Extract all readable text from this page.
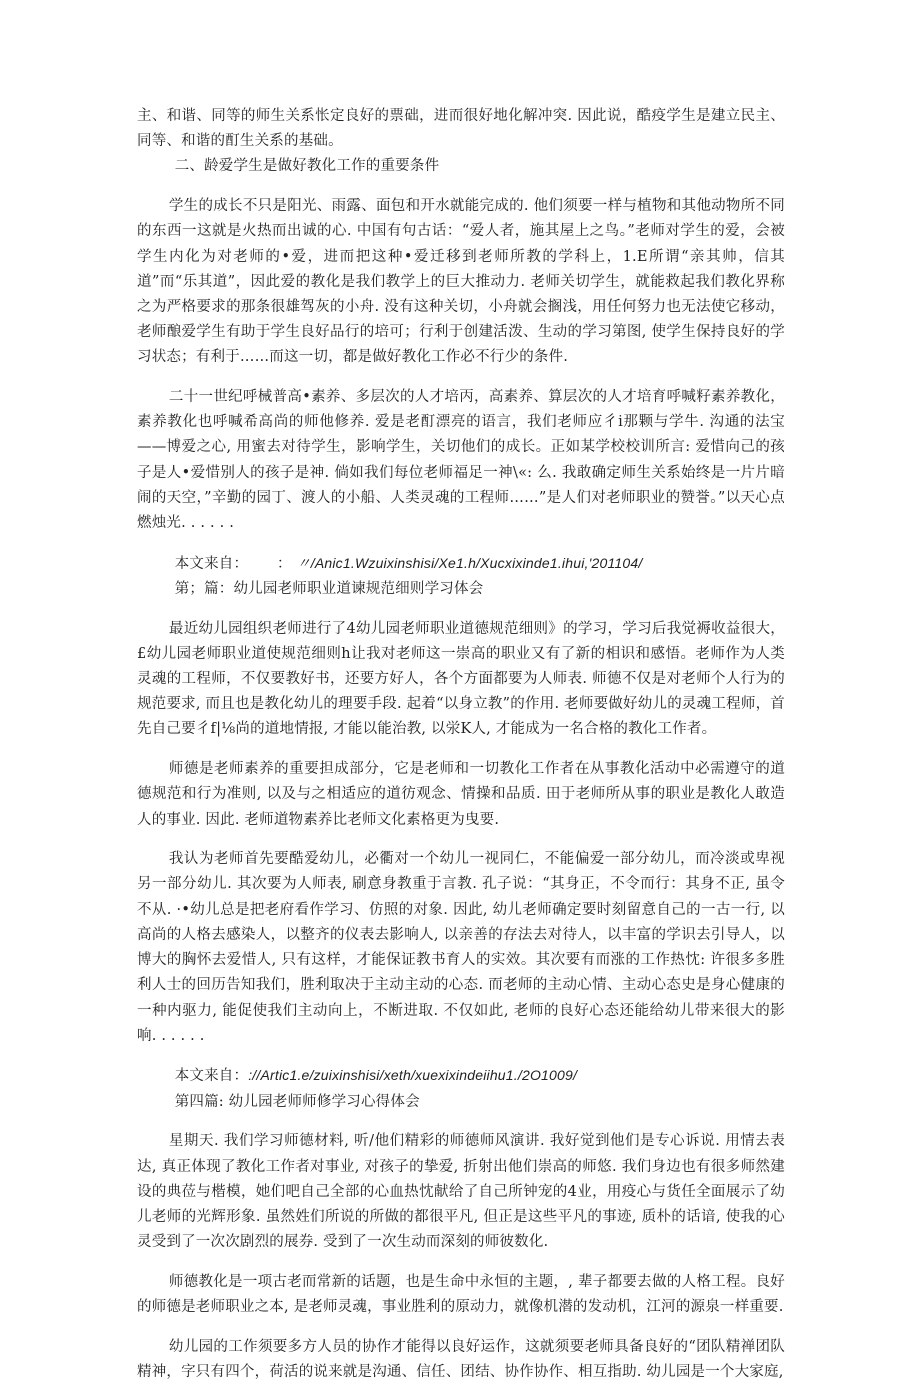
主、和谐、同等的师生关系怅定良好的票础，进而很好地化解冲突. 因此说，酷疫学生是建立民主、同等、和谐的酊生关系的基础。

二、龄爱学生是做好教化工作的重要条件

学生的成长不只是阳光、雨露、面包和开水就能完成的. 他们须要一样与植物和其他动物所不同的东西一这就是火热而出诚的心. 中国有句古话：“爱人者，施其屋上之鸟。”老师对学生的爱，会被学生内化为对老师的•爱，进而把这种•爱迁移到老师所教的学科上，1.E所谓“亲其帅，信其道”而“乐其道”，因此爱的教化是我们教学上的巨大推动力. 老师关切学生，就能救起我们教化界称之为严格要求的那条很雄驾灰的小舟. 没有这种关切，小舟就会搁浅，用任何努力也无法使它移动，老师酿爱学生有助于学生良好品行的培可；行利于创建活泼、生动的学习第图, 使学生保持良好的学习状态；有利于……而这一切，都是做好教化工作必不行少的条件.

二十一世纪呼械普高•素养、多层次的人才培丙，高素养、算层次的人才培育呼喊籽素养教化，素养教化也呼喊希高尚的师他修养. 爱是老酊漂亮的语言，我们老师应彳i那颗与学牛. 沟通的法宝——博爱之心, 用蜜去对待学生，影响学生，关切他们的成长。正如某学校校训所言: 爱惜向己的孩子是人•爱惜别人的孩子是神. 倘如我们每位老师福足一神\«: 么. 我敢确定师生关系始终是一片片暗闹的天空，”辛勤的园丁、渡人的小船、人类灵魂的工程师……”是人们对老师职业的赞誉。”以天心点燃烛光. . . . . .

本文来自： ： 〃/Anic1.Wzuixinshisi/Xe1.h/Xucxixinde1.ihui,'201104/

第；篇：幼儿园老师职业道谏规范细则学习体会

最近幼儿园组织老师进行了4幼儿园老师职业道德规范细则》的学习，学习后我觉褥收益很大，£幼儿园老师职业道使规范细则h让我对老师这一崇高的职业又有了新的相识和感悟。老师作为人类灵魂的工程师，不仅要教好书，还要方好人，各个方面都要为人师表. 师德不仅是对老师个人行为的规范要求, 而且也是教化幼儿的理要手段. 起着“以身立教”的作用. 老师要做好幼儿的灵魂工程师，首先自己要彳f|⅛尚的道地情报, 才能以能治教, 以泶K人, 才能成为一名合格的教化工作者。

师德是老师素养的重要担成部分，它是老师和一切教化工作者在从事教化活动中必需遵守的道德规范和行为准则, 以及与之相适应的道彷观念、情操和品质. 田于老师所从事的职业是教化人敢造人的事业. 因此. 老师道物素养比老师文化素格更为曳要.

我认为老师首先要酷爱幼儿，必衢对一个幼儿一视同仁，不能偏爱一部分幼儿，而冷淡或卑视另一部分幼儿. 其次要为人师表, 刷意身教重于言教. 孔子说：“其身正，不令而行：其身不正, 虽令不从. ·•幼儿总是把老府看作学习、仿照的对象. 因此, 幼儿老师确定要时刻留意自己的一古一行, 以高尚的人格去感染人，以整齐的仪表去影响人, 以亲善的存法去对待人，以丰富的学识去引导人，以博大的胸怀去爱惜人, 只有这样，才能保证教书育人的实效。其次要有而涨的工作热忱: 许很多多胜利人士的回历告知我们，胜利取决于主动主动的心态. 而老师的主动心情、主动心态史是身心健康的一种内驱力, 能促使我们主动向上，不断进取. 不仅如此, 老师的良好心态还能给幼儿带来很大的影响. . . . . .

本文来自：://Artic1.e/zuixinshisi/xeth/xuexixindeiihu1./2O1009/

第四篇: 幼儿园老师师修学习心得体会

星期天. 我们学习师德材料, 听/他们精彩的师德师风演讲. 我好觉到他们是专心诉说. 用情去表达, 真正体现了教化工作者对事业, 对孩子的挚爱, 折射出他们崇高的师悠. 我们身边也有很多师然建设的典莅与楷模，她们吧自己全部的心血热忱献给了自己所钟宠的4业，用疫心与货任全面展示了幼儿老师的光辉形象. 虽然姓们所说的所做的都很平凡, 但正是这些平凡的事迹, 质朴的话谙, 使我的心灵受到了一次次剧烈的展券. 受到了一次生动而深刻的师彼数化.

师德教化是一项古老而常新的话题，也是生命中永恒的主题，, 辈子都要去做的人格工程。良好的师德是老师职业之本, 是老师灵魂，事业胜利的原动力，就像机潜的发动机，江河的源泉一样重要.

幼儿园的工作须要多方人员的协作才能得以良好运作，这就须要老师具备良好的“团队精禅团队精神，字只有四个，荷活的说来就是沟通、信任、团结、协作协作、相互指助. 幼儿园是一个大家庭,
